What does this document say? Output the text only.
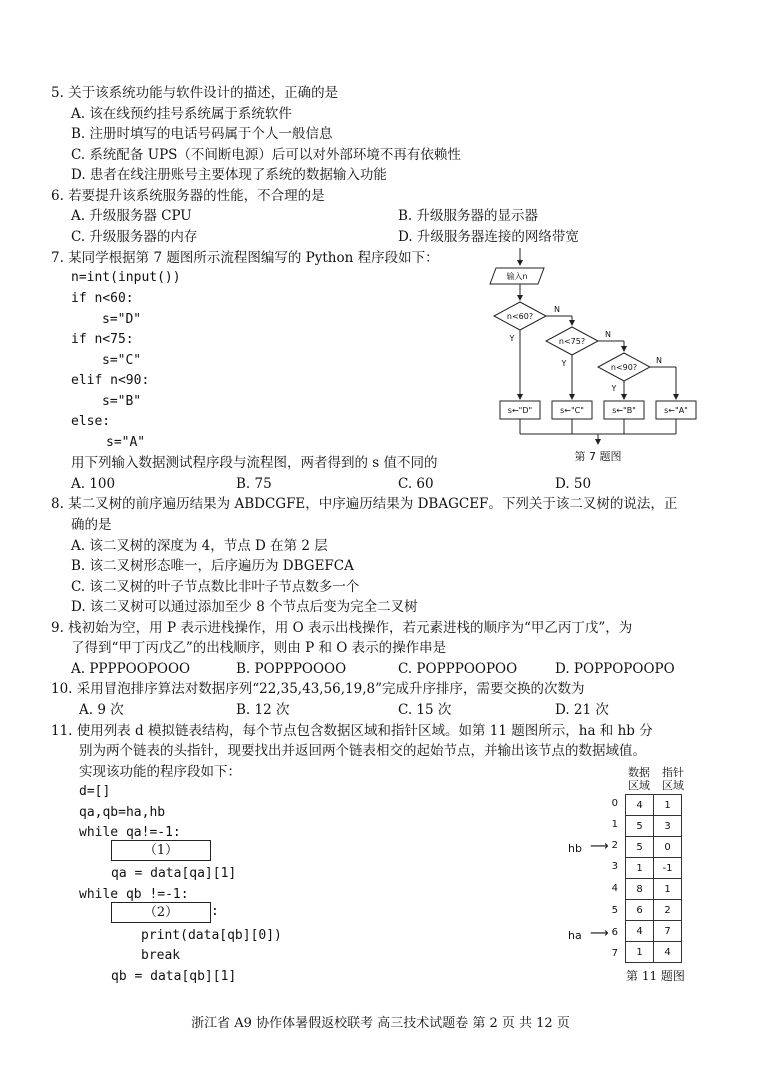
5. 关于该系统功能与软件设计的描述，正确的是
A. 该在线预约挂号系统属于系统软件
B. 注册时填写的电话号码属于个人一般信息
C. 系统配备 UPS（不间断电源）后可以对外部环境不再有依赖性
D. 患者在线注册账号主要体现了系统的数据输入功能
6. 若要提升该系统服务器的性能，不合理的是
A. 升级服务器 CPU	B. 升级服务器的显示器
C. 升级服务器的内存	D. 升级服务器连接的网络带宽
7. 某同学根据第 7 题图所示流程图编写的 Python 程序段如下：
n=int(input())
if n<60:
s="D"
if n<75:
s="C"
elif n<90:
s="B"
else:
s="A"
用下列输入数据测试程序段与流程图，两者得到的 s 值不同的
A. 100	B. 75	C. 60	D. 50
输入n
n<60?
n<75?
n<90?
Y
N
Y
N
Y
N
s←"D"	s←"C"	s←"B"	s←"A"
第 7 题图
8. 某二叉树的前序遍历结果为 ABDCGFE，中序遍历结果为 DBAGCEF。下列关于该二叉树的说法，正
确的是
A. 该二叉树的深度为 4，节点 D 在第 2 层
B. 该二叉树形态唯一，后序遍历为 DBGEFCA
C. 该二叉树的叶子节点数比非叶子节点数多一个
D. 该二叉树可以通过添加至少 8 个节点后变为完全二叉树
9. 栈初始为空，用 P 表示进栈操作，用 O 表示出栈操作，若元素进栈的顺序为“甲乙丙丁戊”，为
了得到“甲丁丙戊乙”的出栈顺序，则由 P 和 O 表示的操作串是
A. PPPPOOPOOO	B. POPPPOOOO	C. POPPPOOPOO	D. POPPOPOOPO
10. 采用冒泡排序算法对数据序列“22,35,43,56,19,8”完成升序排序，需要交换的次数为
A. 9 次	B. 12 次	C. 15 次	D. 21 次
11. 使用列表 d 模拟链表结构，每个节点包含数据区域和指针区域。如第 11 题图所示，ha 和 hb 分
别为两个链表的头指针，现要找出并返回两个链表相交的起始节点，并输出该节点的数据域值。
实现该功能的程序段如下：
d=[]
qa,qb=ha,hb
while qa!=-1:
（1）
qa = data[qa][1]
while qb !=-1:
（2）	:
print(data[qb][0])
break
qb = data[qb][1]
数据
区域
指针
区域
0
1
2
3
4
5
6
7
hb ⟶
ha ⟶
4	1
5	3
5	0
1	-1
8	1
6	2
4	7
1	4
第 11 题图
浙江省 A9 协作体暑假返校联考 高三技术试题卷 第 2 页 共 12 页
